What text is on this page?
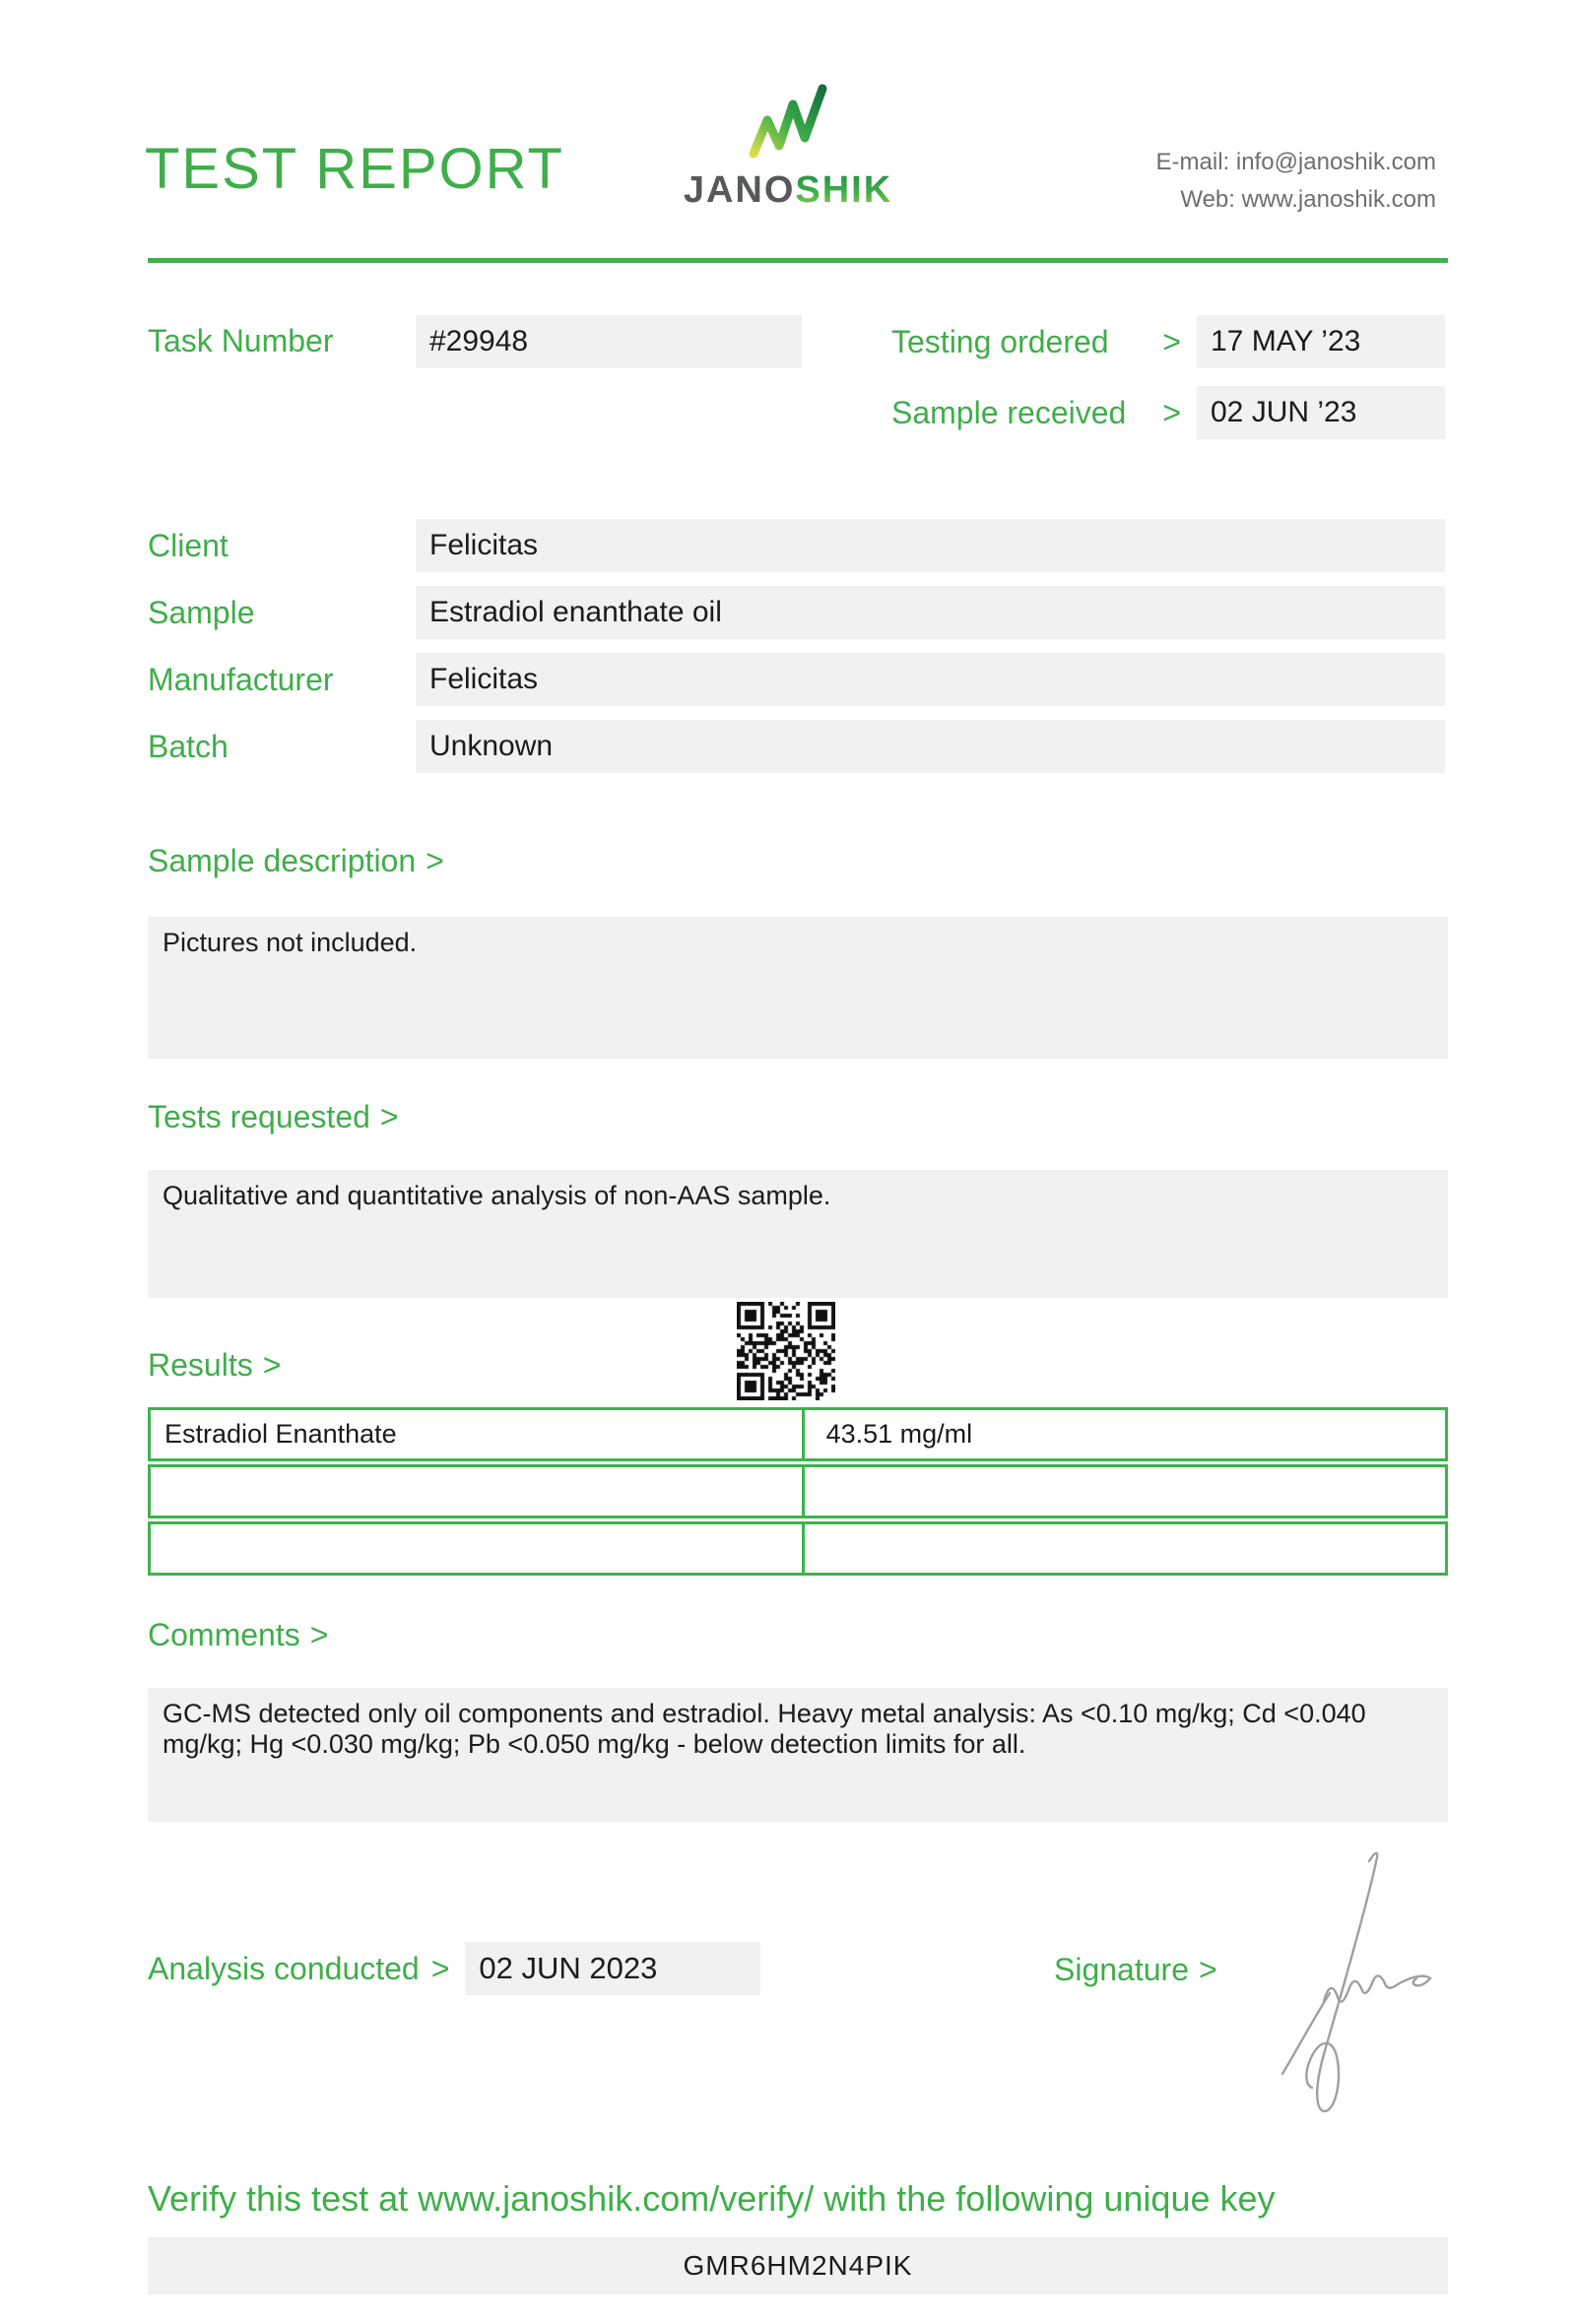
TEST REPORT	JANOSHIK
E-mail: info@janoshik.com
Web: www.janoshik.com
Task Number	#29948	Testing ordered >	17 MAY ’23
Sample received >	02 JUN ’23
Client	Felicitas
Sample	Estradiol enanthate oil
Manufacturer	Felicitas
Batch	Unknown
Sample description >

Pictures not included.

Tests requested >

Qualitative and quantitative analysis of non-AAS sample.

Results >
Estradiol Enanthate	43.51 mg/ml
Comments >

GC-MS detected only oil components and estradiol. Heavy metal analysis: As <0.10 mg/kg; Cd <0.040 mg/kg; Hg <0.030 mg/kg; Pb <0.050 mg/kg - below detection limits for all.

Analysis conducted > 02 JUN 2023	Signature >
Verify this test at www.janoshik.com/verify/ with the following unique key
GMR6HM2N4PIK
